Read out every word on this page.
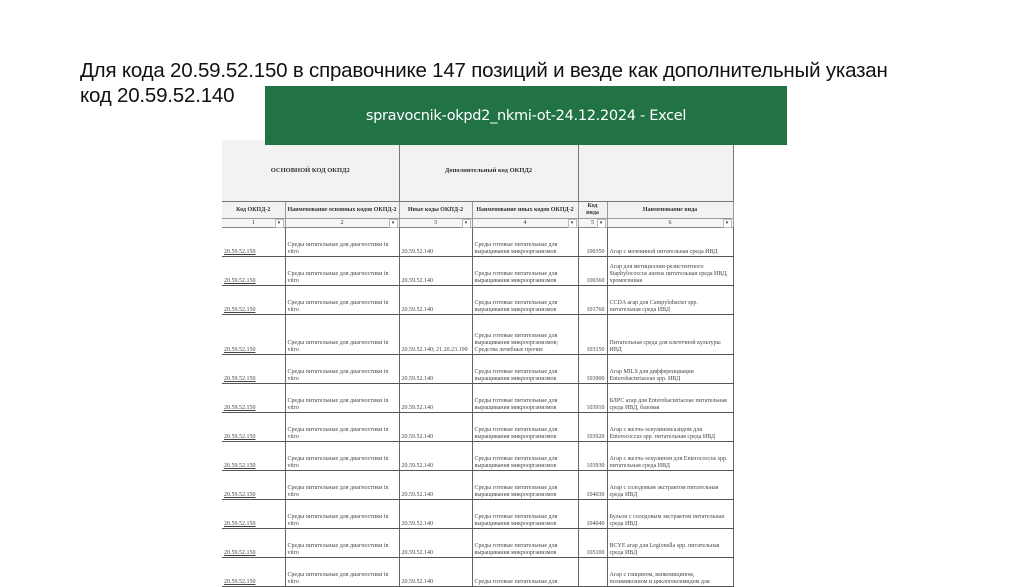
Для кода 20.59.52.150 в справочнике 147 позиций и везде как дополнительный указан
код 20.59.52.140
spravocnik-okpd2_nkmi-ot-24.12.2024 - Excel
ОСНОВНОЙ КОД ОКПД2		Дополнительный код ОКПД2			
Код ОКПД-2	Наименование основных кодов ОКПД-2	Иные коды ОКПД-2	Наименование иных кодов ОКПД-2	Код вида	Наименование вида
1 ▾	2 ▾	3 ▾	4 ▾	5 ▾	6 ▾

20.59.52.150	Среды питательные для диагностики in vitro	20.59.52.140	Среды готовые питательные для выращивания микроорганизмов	100350	Агар с мочевиной питательная среда ИВД
20.59.52.150	Среды питательные для диагностики in vitro	20.59.52.140	Среды готовые питательные для выращивания микроорганизмов	100360	Агар для метициллин-резистентного Staphylococcus aureus питательная среда ИВД, хромогенная
20.59.52.150	Среды питательные для диагностики in vitro	20.59.52.140	Среды готовые питательные для выращивания микроорганизмов	101760	CCDA агар для Campylobacter spp. питательная среда ИВД
20.59.52.150	Среды питательные для диагностики in vitro	20.59.52.140; 21.20.23.199	Среды готовые питательные для выращивания микроорганизмов; Средства лечебные прочие	103150	Питательная среда для клеточной культуры ИВД
20.59.52.150	Среды питательные для диагностики in vitro	20.59.52.140	Среды готовые питательные для выращивания микроорганизмов	103900	Агар MILS для дифференциации Enterobacteriaceae spp. ИВД
20.59.52.150	Среды питательные для диагностики in vitro	20.59.52.140	Среды готовые питательные для выращивания микроорганизмов	103910	БЛРС агар для Enterobacteriaceae питательная среда ИВД, базовая
20.59.52.150	Среды питательные для диагностики in vitro	20.59.52.140	Среды готовые питательные для выращивания микроорганизмов	103920	Агар с желчь-эскулином/азидом для Enterococcus spp. питательная среда ИВД
20.59.52.150	Среды питательные для диагностики in vitro	20.59.52.140	Среды готовые питательные для выращивания микроорганизмов	103930	Агар с желчь-эскулином для Enterococcus spp. питательная среда ИВД
20.59.52.150	Среды питательные для диагностики in vitro	20.59.52.140	Среды готовые питательные для выращивания микроорганизмов	104030	Агар с солодовым экстрактом питательная среда ИВД
20.59.52.150	Среды питательные для диагностики in vitro	20.59.52.140	Среды готовые питательные для выращивания микроорганизмов	104040	Бульон с солодовым экстрактом питательная среда ИВД
20.59.52.150	Среды питательные для диагностики in vitro	20.59.52.140	Среды готовые питательные для выращивания микроорганизмов	105100	BCYE агар для Legionella spp. питательная среда ИВД
20.59.52.150	Среды питательные для диагностики in vitro	20.59.52.140	Среды готовые питательные для		Агар с глицином, ванкомицином, полимиксином и циклогексимидом для
